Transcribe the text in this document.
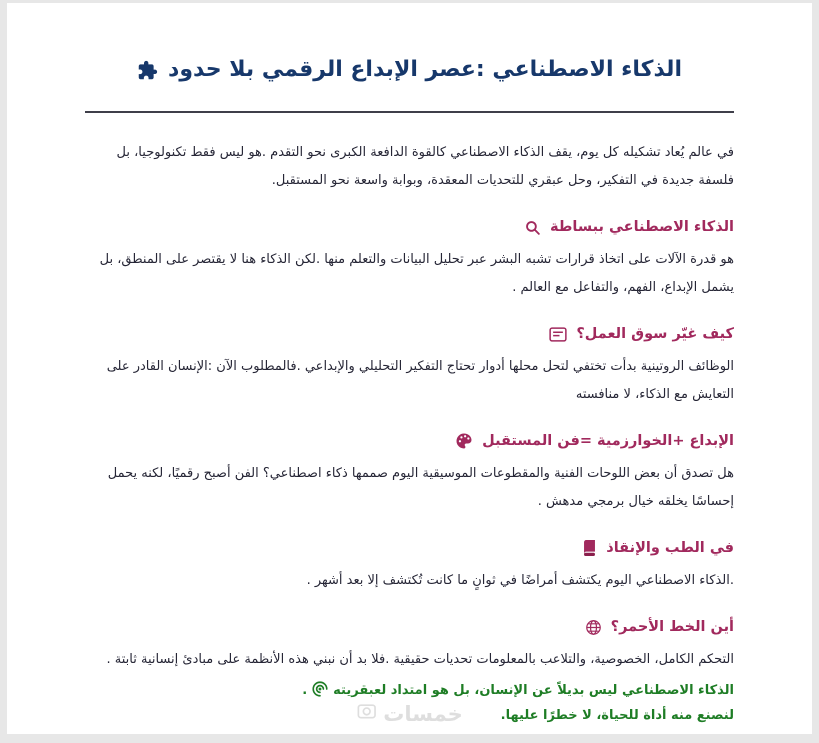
الذكاء الاصطناعي :عصر الإبداع الرقمي بلا حدود

في عالم يُعاد تشكيله كل يوم، يقف الذكاء الاصطناعي كالقوة الدافعة الكبرى نحو التقدم .هو ليس فقط تكنولوجيا، بل فلسفة جديدة في التفكير، وحل عبقري للتحديات المعقدة، وبوابة واسعة نحو المستقبل.

الذكاء الاصطناعي ببساطة

هو قدرة الآلات على اتخاذ قرارات تشبه البشر عبر تحليل البيانات والتعلم منها .لكن الذكاء هنا لا يقتصر على المنطق، بل يشمل الإبداع، الفهم، والتفاعل مع العالم .

كيف غيّر سوق العمل؟

الوظائف الروتينية بدأت تختفي لتحل محلها أدوار تحتاج التفكير التحليلي والإبداعي .فالمطلوب الآن :الإنسان القادر على التعايش مع الذكاء، لا منافسته

الإبداع +الخوارزمية =فن المستقبل

هل تصدق أن بعض اللوحات الفنية والمقطوعات الموسيقية اليوم صممها ذكاء اصطناعي؟ الفن أصبح رقميًا، لكنه يحمل إحساسًا يخلقه خيال برمجي مدهش .

في الطب والإنقاذ

.الذكاء الاصطناعي اليوم يكتشف أمراضًا في ثوانٍ ما كانت تُكتشف إلا بعد أشهر .

أين الخط الأحمر؟

التحكم الكامل، الخصوصية، والتلاعب بالمعلومات تحديات حقيقية .فلا بد أن نبني هذه الأنظمة على مبادئ إنسانية ثابتة .

الذكاء الاصطناعي ليس بديلاً عن الإنسان، بل هو امتداد لعبقريته.

لنصنع منه أداة للحياة، لا خطرًا عليها.

خمسات
